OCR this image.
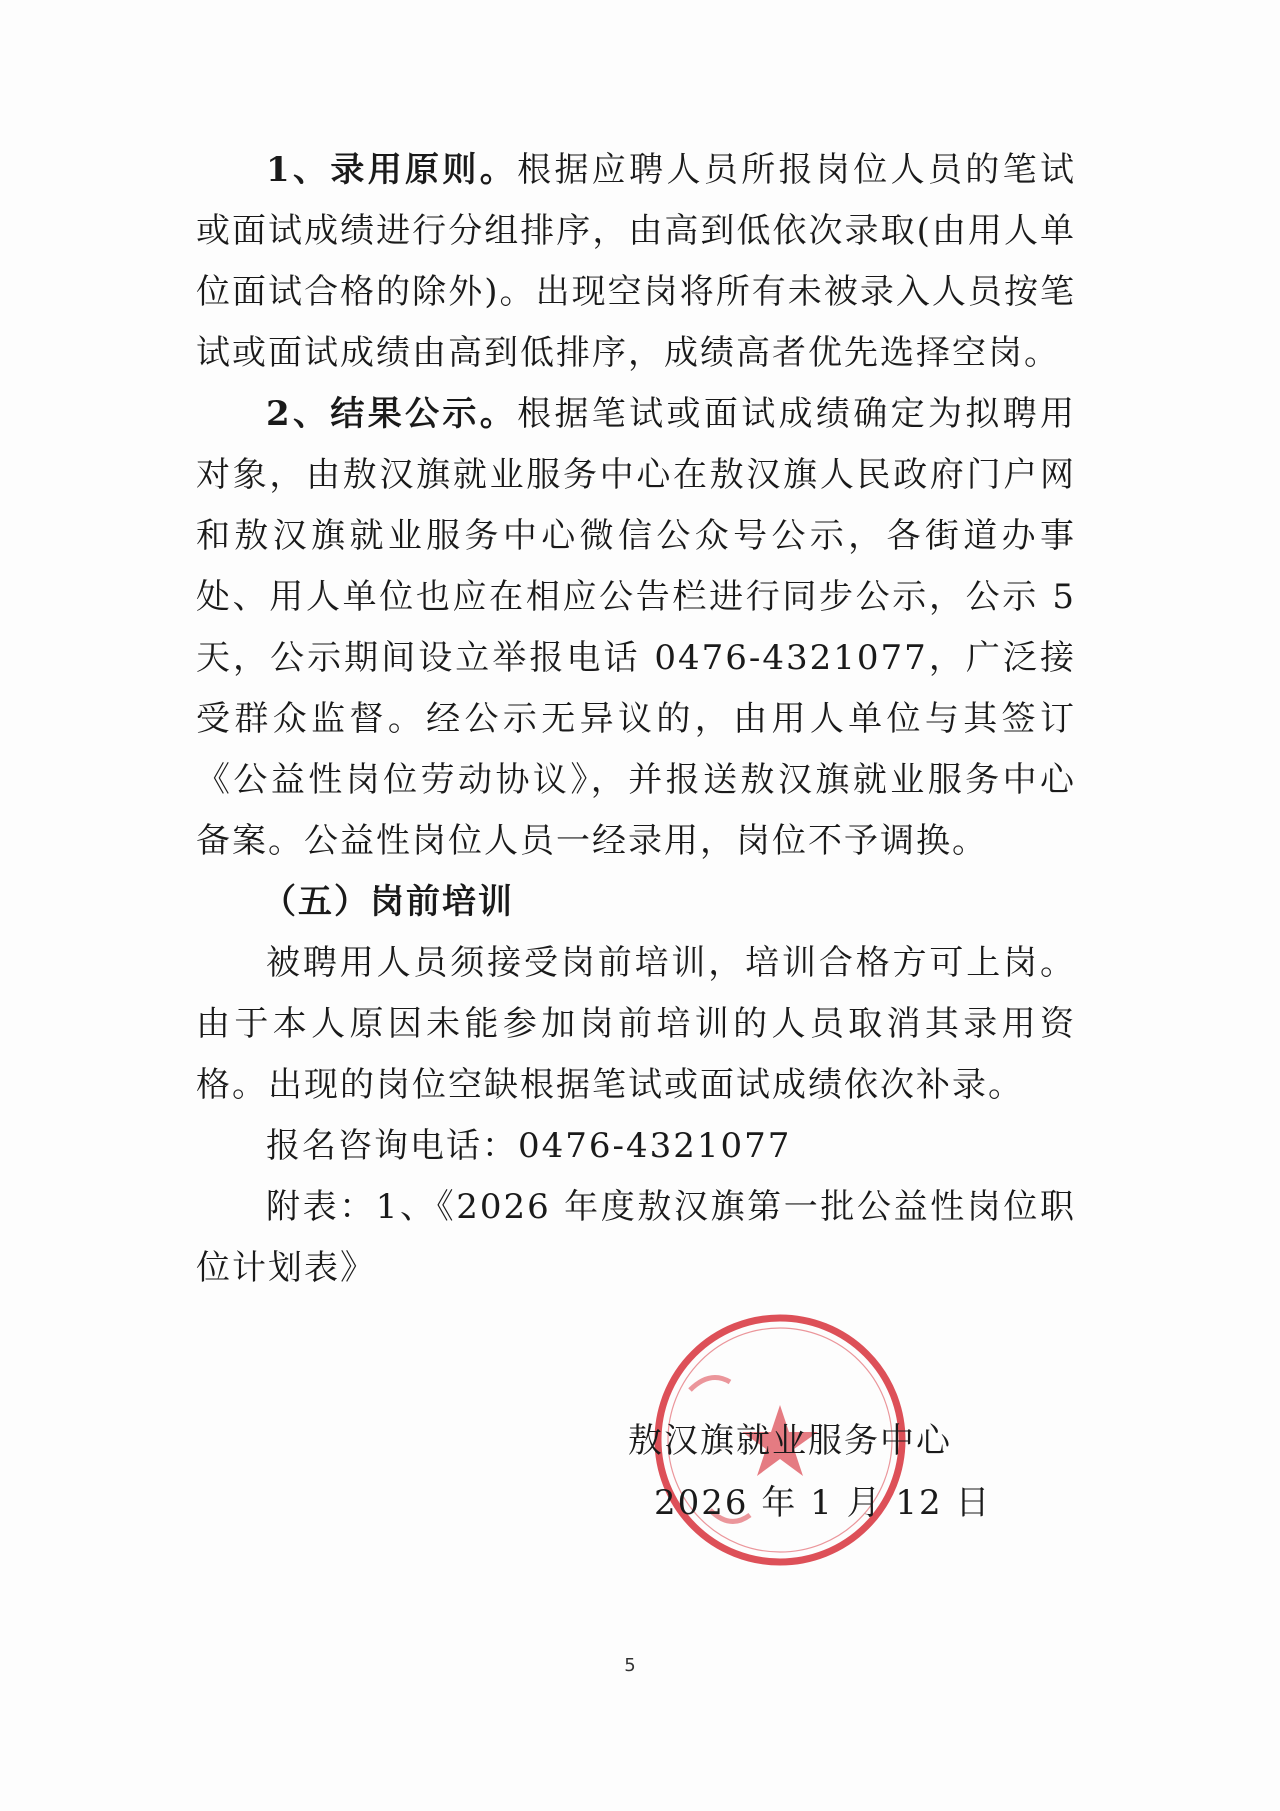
1、录用原则。根据应聘人员所报岗位人员的笔试或面试成绩进行分组排序，由高到低依次录取(由用人单位面试合格的除外)。出现空岗将所有未被录入人员按笔试或面试成绩由高到低排序，成绩高者优先选择空岗。

2、结果公示。根据笔试或面试成绩确定为拟聘用对象，由敖汉旗就业服务中心在敖汉旗人民政府门户网和敖汉旗就业服务中心微信公众号公示，各街道办事处、用人单位也应在相应公告栏进行同步公示，公示 5 天，公示期间设立举报电话 0476-4321077，广泛接受群众监督。经公示无异议的，由用人单位与其签订《公益性岗位劳动协议》，并报送敖汉旗就业服务中心备案。公益性岗位人员一经录用，岗位不予调换。

（五）岗前培训

被聘用人员须接受岗前培训，培训合格方可上岗。由于本人原因未能参加岗前培训的人员取消其录用资格。出现的岗位空缺根据笔试或面试成绩依次补录。

报名咨询电话：0476-4321077

附表：1、《2026 年度敖汉旗第一批公益性岗位职位计划表》

敖汉旗就业服务中心
2026 年 1 月 12 日
5
